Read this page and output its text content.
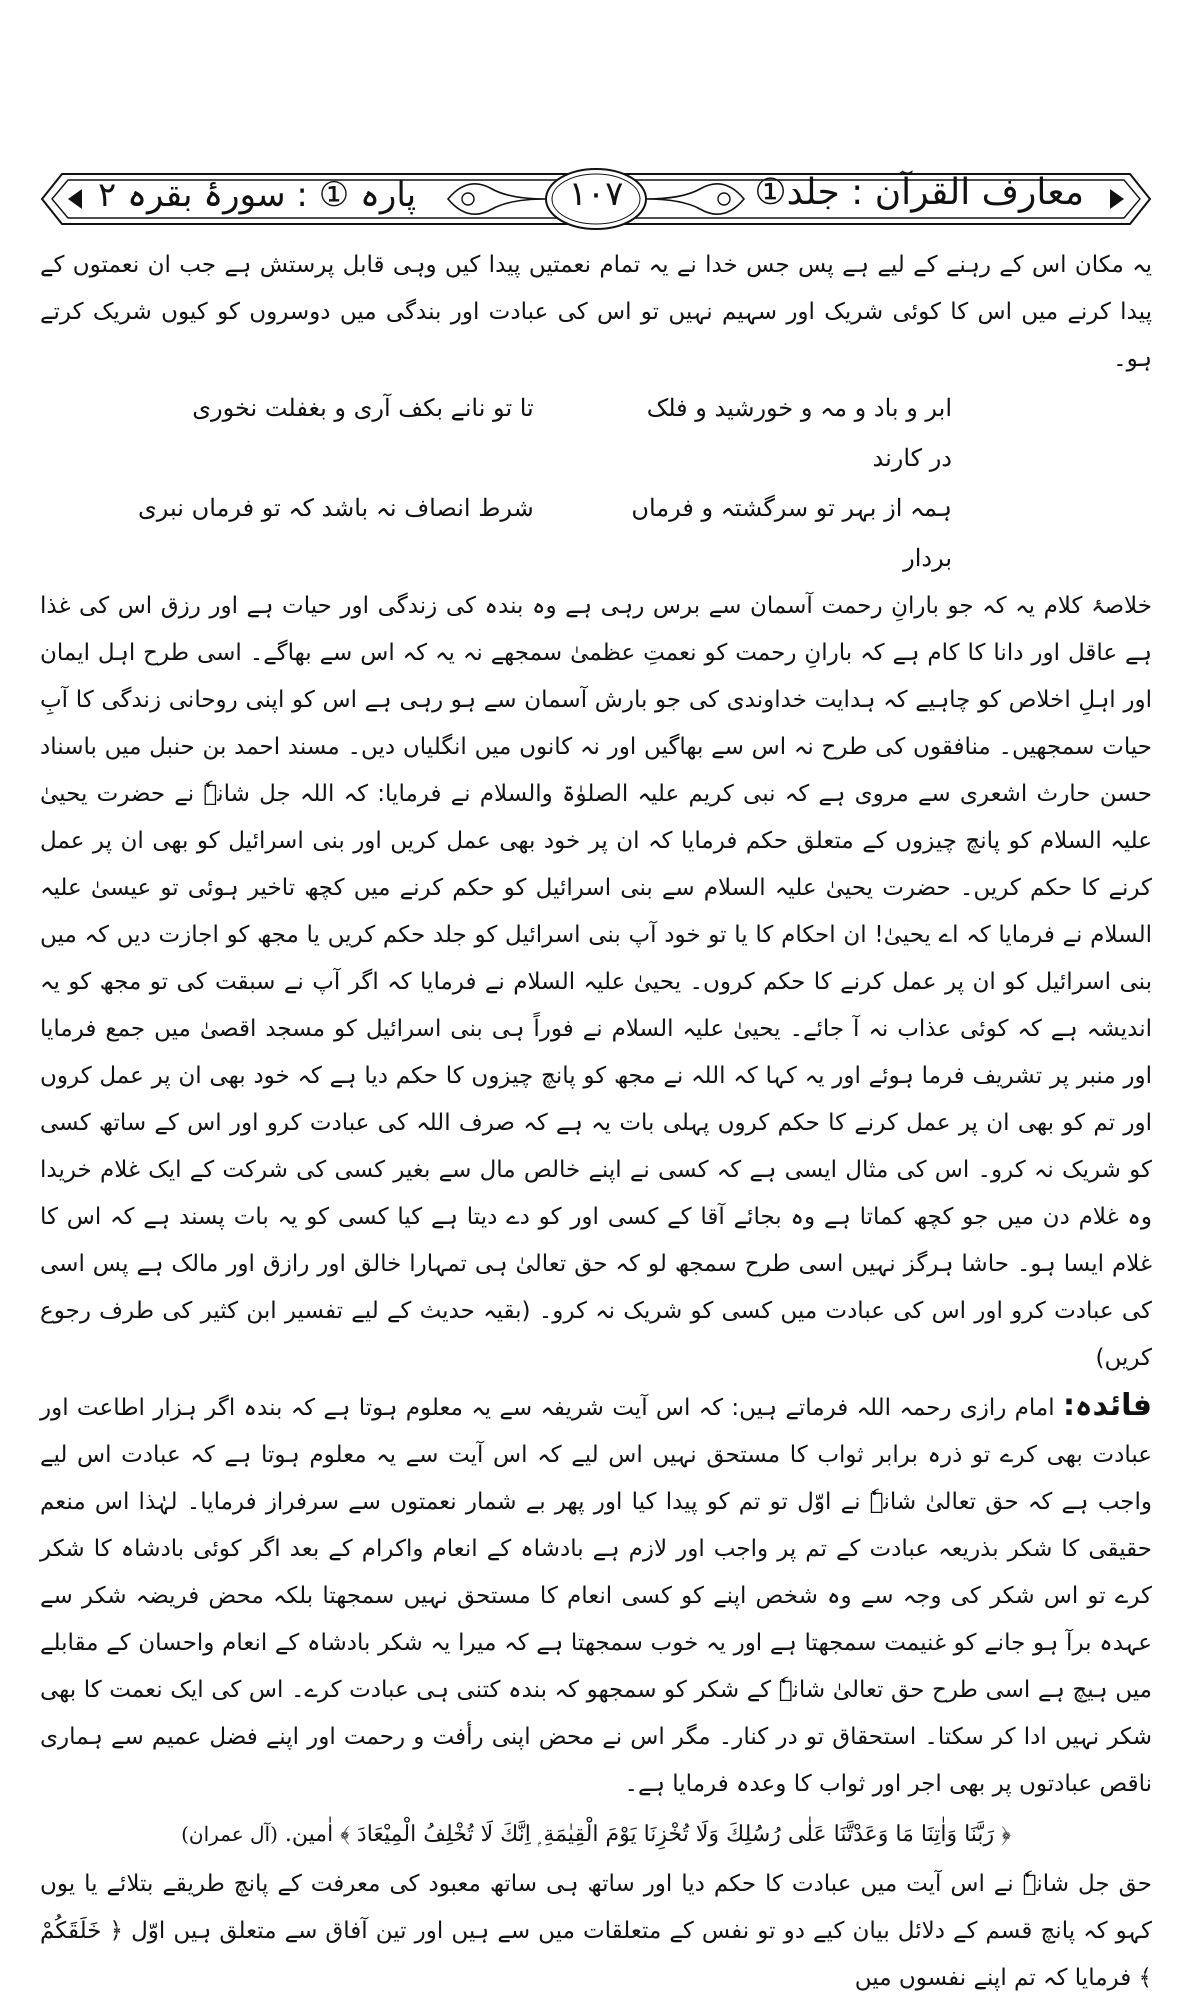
پارہ ① : سورۂ بقرہ ۲	۱۰۷	معارف القرآن : جلد①

یہ مکان اس کے رہنے کے لیے ہے پس جس خدا نے یہ تمام نعمتیں پیدا کیں وہی قابل پرستش ہے جب ان نعمتوں کے پیدا کرنے میں اس کا کوئی شریک اور سہیم نہیں تو اس کی عبادت اور بندگی میں دوسروں کو کیوں شریک کرتے ہو۔

ابر و باد و مہ و خورشید و فلک در کارند
تا تو نانے بکف آری و بغفلت نخوری
ہمہ از بہر تو سرگشتہ و فرماں بردار
شرط انصاف نہ باشد کہ تو فرماں نبری

خلاصۂ کلام یہ کہ جو بارانِ رحمت آسمان سے برس رہی ہے وہ بندہ کی زندگی اور حیات ہے اور رزق اس کی غذا ہے عاقل اور دانا کا کام ہے کہ بارانِ رحمت کو نعمتِ عظمیٰ سمجھے نہ یہ کہ اس سے بھاگے۔ اسی طرح اہل ایمان اور اہلِ اخلاص کو چاہیے کہ ہدایت خداوندی کی جو بارش آسمان سے ہو رہی ہے اس کو اپنی روحانی زندگی کا آبِ حیات سمجھیں۔ منافقوں کی طرح نہ اس سے بھاگیں اور نہ کانوں میں انگلیاں دیں۔ مسند احمد بن حنبل میں باسناد حسن حارث اشعری سے مروی ہے کہ نبی کریم علیہ الصلوٰۃ والسلام نے فرمایا: کہ اللہ جل شانہٗ نے حضرت یحییٰ علیہ السلام کو پانچ چیزوں کے متعلق حکم فرمایا کہ ان پر خود بھی عمل کریں اور بنی اسرائیل کو بھی ان پر عمل کرنے کا حکم کریں۔ حضرت یحییٰ علیہ السلام سے بنی اسرائیل کو حکم کرنے میں کچھ تاخیر ہوئی تو عیسیٰ علیہ السلام نے فرمایا کہ اے یحییٰ! ان احکام کا یا تو خود آپ بنی اسرائیل کو جلد حکم کریں یا مجھ کو اجازت دیں کہ میں بنی اسرائیل کو ان پر عمل کرنے کا حکم کروں۔ یحییٰ علیہ السلام نے فرمایا کہ اگر آپ نے سبقت کی تو مجھ کو یہ اندیشہ ہے کہ کوئی عذاب نہ آ جائے۔ یحییٰ علیہ السلام نے فوراً ہی بنی اسرائیل کو مسجد اقصیٰ میں جمع فرمایا اور منبر پر تشریف فرما ہوئے اور یہ کہا کہ اللہ نے مجھ کو پانچ چیزوں کا حکم دیا ہے کہ خود بھی ان پر عمل کروں اور تم کو بھی ان پر عمل کرنے کا حکم کروں پہلی بات یہ ہے کہ صرف اللہ کی عبادت کرو اور اس کے ساتھ کسی کو شریک نہ کرو۔ اس کی مثال ایسی ہے کہ کسی نے اپنے خالص مال سے بغیر کسی کی شرکت کے ایک غلام خریدا وہ غلام دن میں جو کچھ کماتا ہے وہ بجائے آقا کے کسی اور کو دے دیتا ہے کیا کسی کو یہ بات پسند ہے کہ اس کا غلام ایسا ہو۔ حاشا ہرگز نہیں اسی طرح سمجھ لو کہ حق تعالیٰ ہی تمہارا خالق اور رازق اور مالک ہے پس اسی کی عبادت کرو اور اس کی عبادت میں کسی کو شریک نہ کرو۔ (بقیہ حدیث کے لیے تفسیر ابن کثیر کی طرف رجوع کریں)

فائدہ: امام رازی رحمہ اللہ فرماتے ہیں: کہ اس آیت شریفہ سے یہ معلوم ہوتا ہے کہ بندہ اگر ہزار اطاعت اور عبادت بھی کرے تو ذرہ برابر ثواب کا مستحق نہیں اس لیے کہ اس آیت سے یہ معلوم ہوتا ہے کہ عبادت اس لیے واجب ہے کہ حق تعالیٰ شانہٗ نے اوّل تو تم کو پیدا کیا اور پھر بے شمار نعمتوں سے سرفراز فرمایا۔ لہٰذا اس منعم حقیقی کا شکر بذریعہ عبادت کے تم پر واجب اور لازم ہے بادشاہ کے انعام واکرام کے بعد اگر کوئی بادشاہ کا شکر کرے تو اس شکر کی وجہ سے وہ شخص اپنے کو کسی انعام کا مستحق نہیں سمجھتا بلکہ محض فریضہ شکر سے عہدہ برآ ہو جانے کو غنیمت سمجھتا ہے اور یہ خوب سمجھتا ہے کہ میرا یہ شکر بادشاہ کے انعام واحسان کے مقابلے میں ہیچ ہے اسی طرح حق تعالیٰ شانہٗ کے شکر کو سمجھو کہ بندہ کتنی ہی عبادت کرے۔ اس کی ایک نعمت کا بھی شکر نہیں ادا کر سکتا۔ استحقاق تو در کنار۔ مگر اس نے محض اپنی رأفت و رحمت اور اپنے فضل عمیم سے ہماری ناقص عبادتوں پر بھی اجر اور ثواب کا وعدہ فرمایا ہے۔

﴿ رَبَّنَا وَاٰتِنَا مَا وَعَدْتَّنَا عَلٰی رُسُلِكَ وَلَا تُخْزِنَا يَوْمَ الْقِيٰمَةِ ۭ اِنَّكَ لَا تُخْلِفُ الْمِيْعَادَ ﴾ اٰمین. (آل عمران)

حق جل شانہٗ نے اس آیت میں عبادت کا حکم دیا اور ساتھ ہی ساتھ معبود کی معرفت کے پانچ طریقے بتلائے یا یوں کہو کہ پانچ قسم کے دلائل بیان کیے دو تو نفس کے متعلقات میں سے ہیں اور تین آفاق سے متعلق ہیں اوّل ﴿ خَلَقَكُمْ ﴾ فرمایا کہ تم اپنے نفسوں میں
